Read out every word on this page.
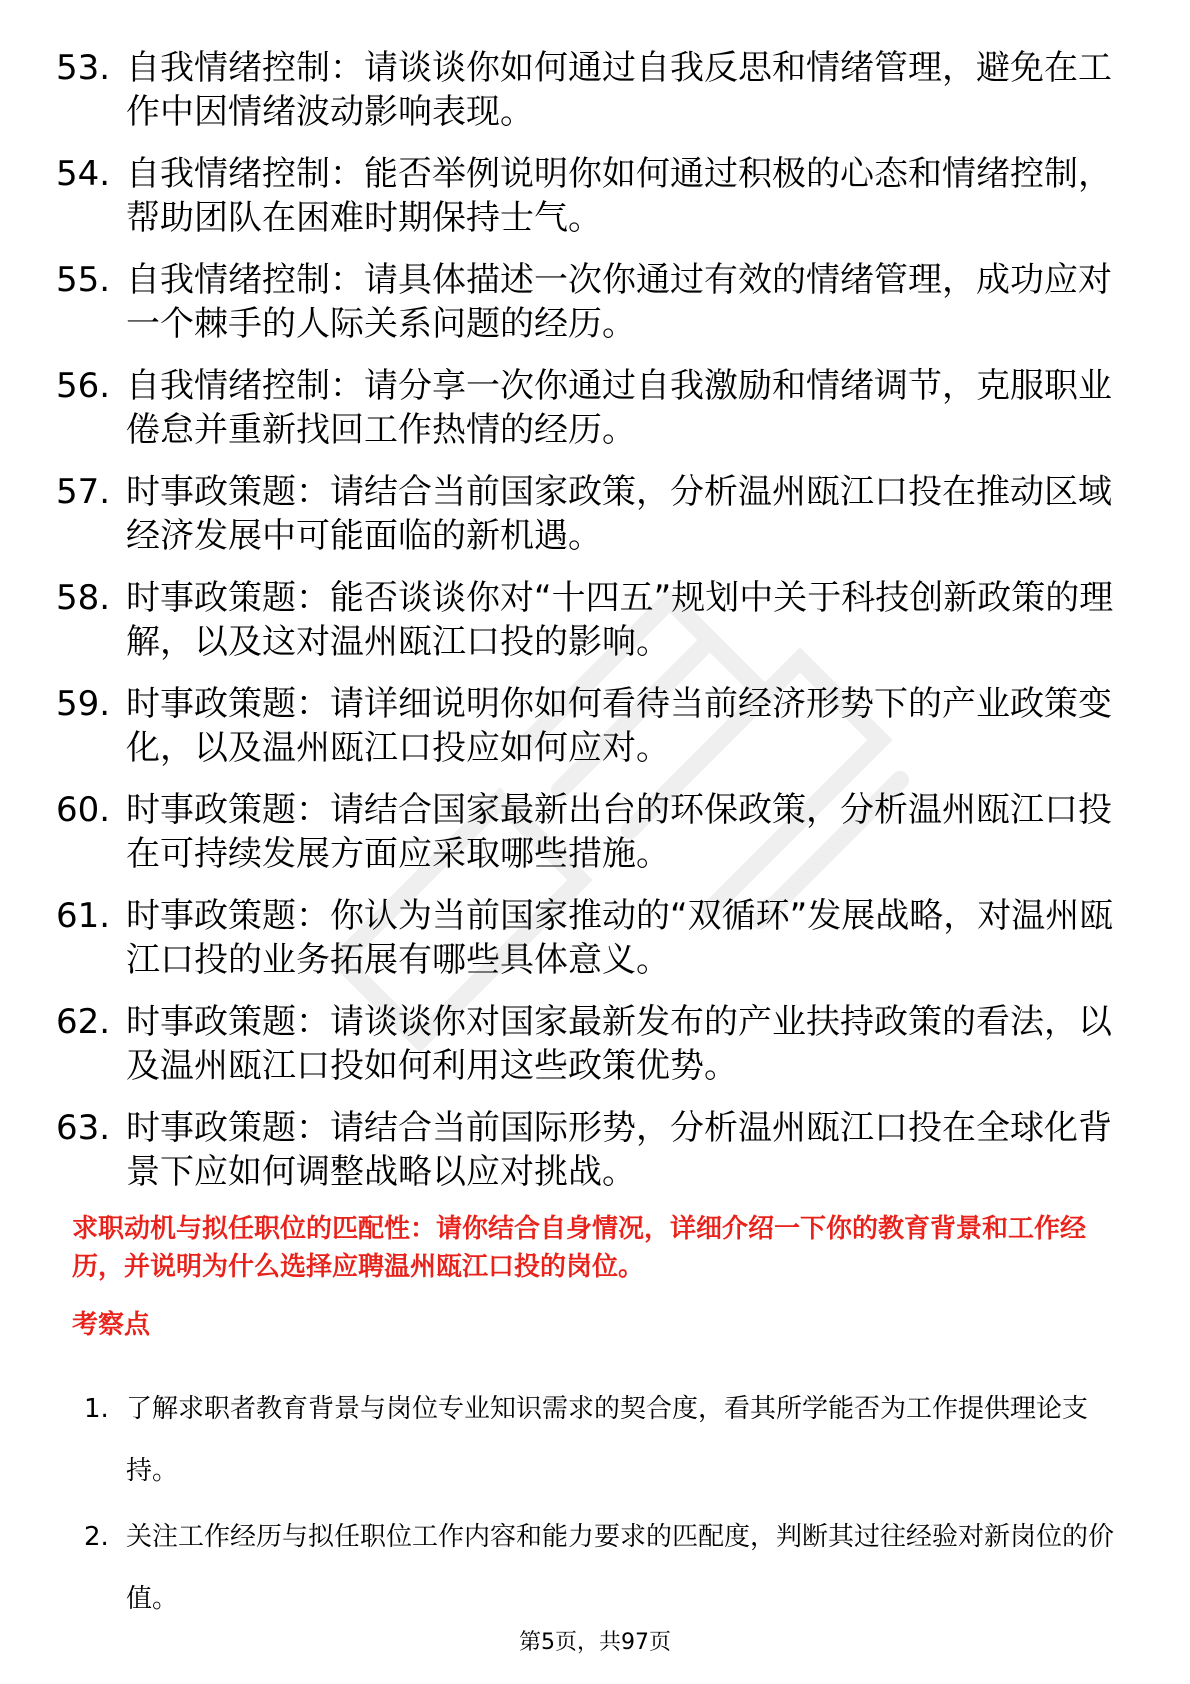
53. 自我情绪控制：请谈谈你如何通过自我反思和情绪管理，避免在工作中因情绪波动影响表现。
54. 自我情绪控制：能否举例说明你如何通过积极的心态和情绪控制，帮助团队在困难时期保持士气。
55. 自我情绪控制：请具体描述一次你通过有效的情绪管理，成功应对一个棘手的人际关系问题的经历。
56. 自我情绪控制：请分享一次你通过自我激励和情绪调节，克服职业倦怠并重新找回工作热情的经历。
57. 时事政策题：请结合当前国家政策，分析温州瓯江口投在推动区域经济发展中可能面临的新机遇。
58. 时事政策题：能否谈谈你对“十四五”规划中关于科技创新政策的理解，以及这对温州瓯江口投的影响。
59. 时事政策题：请详细说明你如何看待当前经济形势下的产业政策变化，以及温州瓯江口投应如何应对。
60. 时事政策题：请结合国家最新出台的环保政策，分析温州瓯江口投在可持续发展方面应采取哪些措施。
61. 时事政策题：你认为当前国家推动的“双循环”发展战略，对温州瓯江口投的业务拓展有哪些具体意义。
62. 时事政策题：请谈谈你对国家最新发布的产业扶持政策的看法，以及温州瓯江口投如何利用这些政策优势。
63. 时事政策题：请结合当前国际形势，分析温州瓯江口投在全球化背景下应如何调整战略以应对挑战。
求职动机与拟任职位的匹配性：请你结合自身情况，详细介绍一下你的教育背景和工作经历，并说明为什么选择应聘温州瓯江口投的岗位。
考察点
1. 了解求职者教育背景与岗位专业知识需求的契合度，看其所学能否为工作提供理论支持。
2. 关注工作经历与拟任职位工作内容和能力要求的匹配度，判断其过往经验对新岗位的价值。
第5页，共97页
